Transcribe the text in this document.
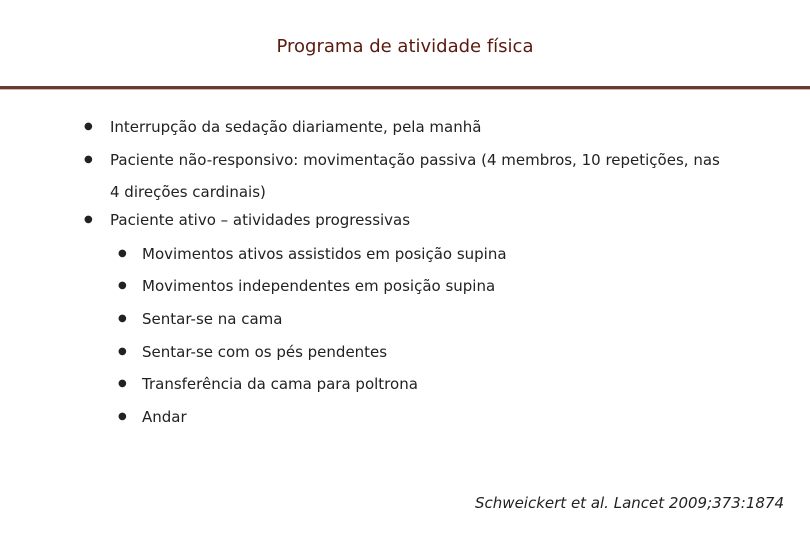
Programa de atividade física
● Interrupção da sedação diariamente, pela manhã
● Paciente não-responsivo: movimentação passiva (4 membros, 10 repetições, nas 4 direções cardinais)
● Paciente ativo – atividades progressivas
● Movimentos ativos assistidos em posição supina
● Movimentos independentes em posição supina
● Sentar-se na cama
● Sentar-se com os pés pendentes
● Transferência da cama para poltrona
● Andar
Schweickert et al. Lancet 2009;373:1874
